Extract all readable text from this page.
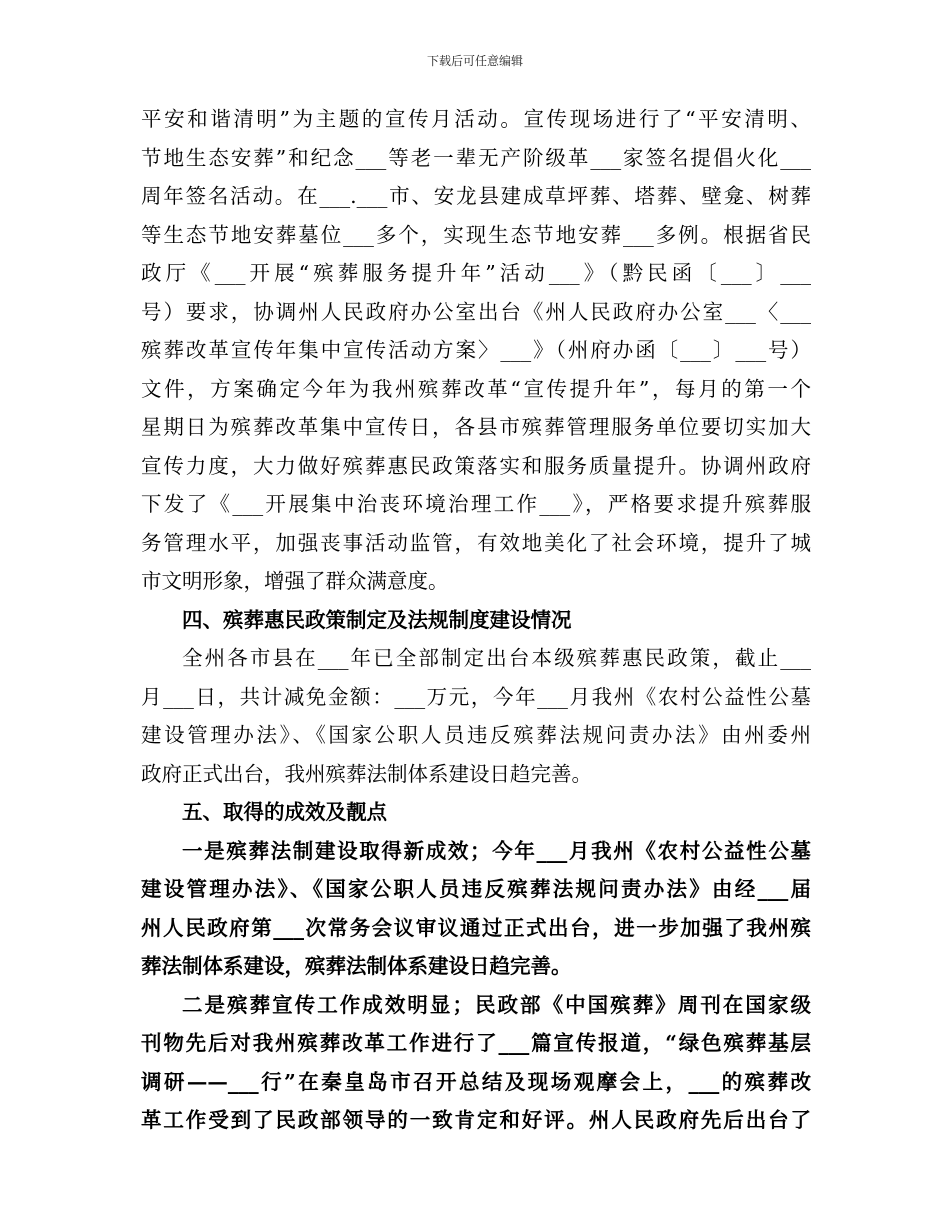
下载后可任意编辑
平安和谐清明”为主题的宣传月活动。宣传现场进行了“平安清明、
节地生态安葬”和纪念___等老一辈无产阶级革___家签名提倡火化___
周年签名活动。在___.___市、安龙县建成草坪葬、塔葬、壁龛、树葬
等生态节地安葬墓位___多个，实现生态节地安葬___多例。根据省民
政厅《___开展“殡葬服务提升年”活动___》（黔民函〔___〕___
号）要求，协调州人民政府办公室出台《州人民政府办公室___〈___
殡葬改革宣传年集中宣传活动方案〉___》（州府办函〔___〕___号）
文件，方案确定今年为我州殡葬改革“宣传提升年”，每月的第一个
星期日为殡葬改革集中宣传日，各县市殡葬管理服务单位要切实加大
宣传力度，大力做好殡葬惠民政策落实和服务质量提升。协调州政府
下发了《___开展集中治丧环境治理工作___》，严格要求提升殡葬服
务管理水平，加强丧事活动监管，有效地美化了社会环境，提升了城
市文明形象，增强了群众满意度。
四、殡葬惠民政策制定及法规制度建设情况
全州各市县在___年已全部制定出台本级殡葬惠民政策，截止___
月___日，共计减免金额：___万元，今年___月我州《农村公益性公墓
建设管理办法》、《国家公职人员违反殡葬法规问责办法》由州委州
政府正式出台，我州殡葬法制体系建设日趋完善。
五、取得的成效及靓点
一是殡葬法制建设取得新成效；今年___月我州《农村公益性公墓
建设管理办法》、《国家公职人员违反殡葬法规问责办法》由经___届
州人民政府第___次常务会议审议通过正式出台，进一步加强了我州殡
葬法制体系建设，殡葬法制体系建设日趋完善。
二是殡葬宣传工作成效明显；民政部《中国殡葬》周刊在国家级
刊物先后对我州殡葬改革工作进行了___篇宣传报道，“绿色殡葬基层
调研——___行”在秦皇岛市召开总结及现场观摩会上，___的殡葬改
革工作受到了民政部领导的一致肯定和好评。州人民政府先后出台了
